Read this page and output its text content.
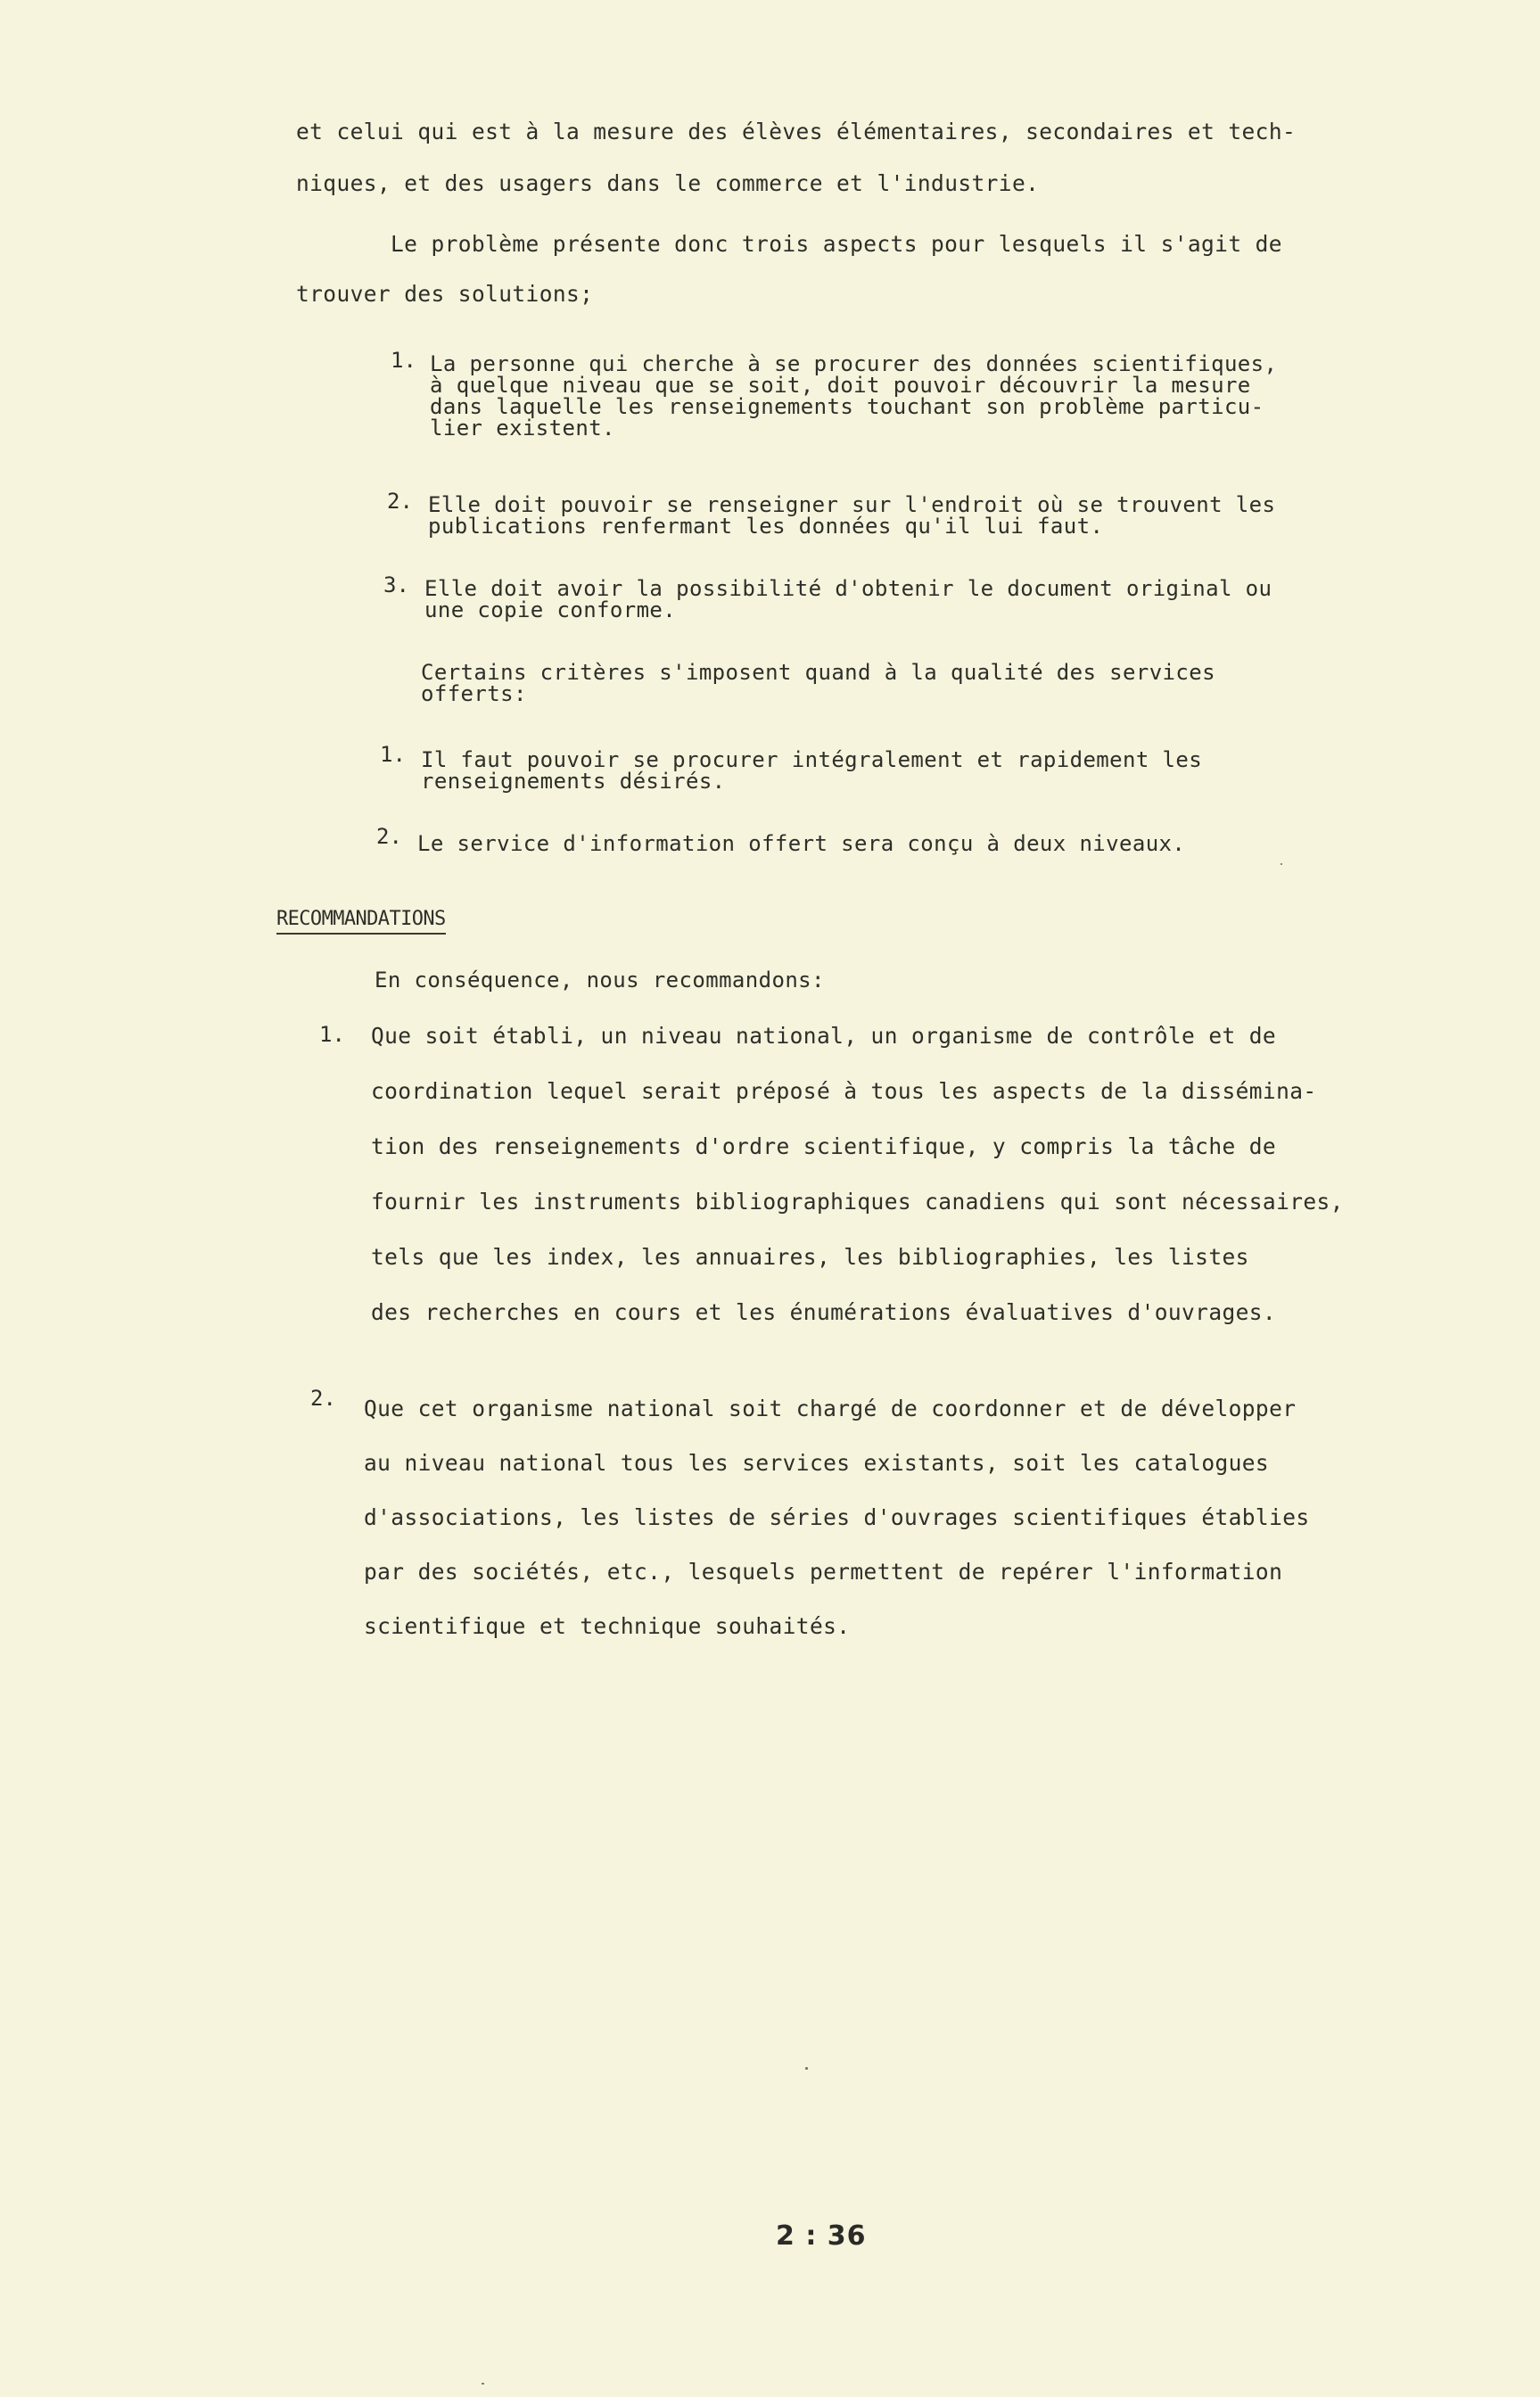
et celui qui est à la mesure des élèves élémentaires, secondaires et tech-
niques, et des usagers dans le commerce et l'industrie.
Le problème présente donc trois aspects pour lesquels il s'agit de
trouver des solutions;
1. La personne qui cherche à se procurer des données scientifiques,
à quelque niveau que se soit, doit pouvoir découvrir la mesure
dans laquelle les renseignements touchant son problème particu-
lier existent.
2. Elle doit pouvoir se renseigner sur l'endroit où se trouvent les
publications renfermant les données qu'il lui faut.
3. Elle doit avoir la possibilité d'obtenir le document original ou
une copie conforme.
Certains critères s'imposent quand à la qualité des services
offerts:
1. Il faut pouvoir se procurer intégralement et rapidement les
renseignements désirés.
2. Le service d'information offert sera conçu à deux niveaux.
RECOMMANDATIONS
En conséquence, nous recommandons:
1. Que soit établi, un niveau national, un organisme de contrôle et de
coordination lequel serait préposé à tous les aspects de la dissémina-
tion des renseignements d'ordre scientifique, y compris la tâche de
fournir les instruments bibliographiques canadiens qui sont nécessaires,
tels que les index, les annuaires, les bibliographies, les listes
des recherches en cours et les énumérations évaluatives d'ouvrages.
2. Que cet organisme national soit chargé de coordonner et de développer
au niveau national tous les services existants, soit les catalogues
d'associations, les listes de séries d'ouvrages scientifiques établies
par des sociétés, etc., lesquels permettent de repérer l'information
scientifique et technique souhaités.
2 : 36
